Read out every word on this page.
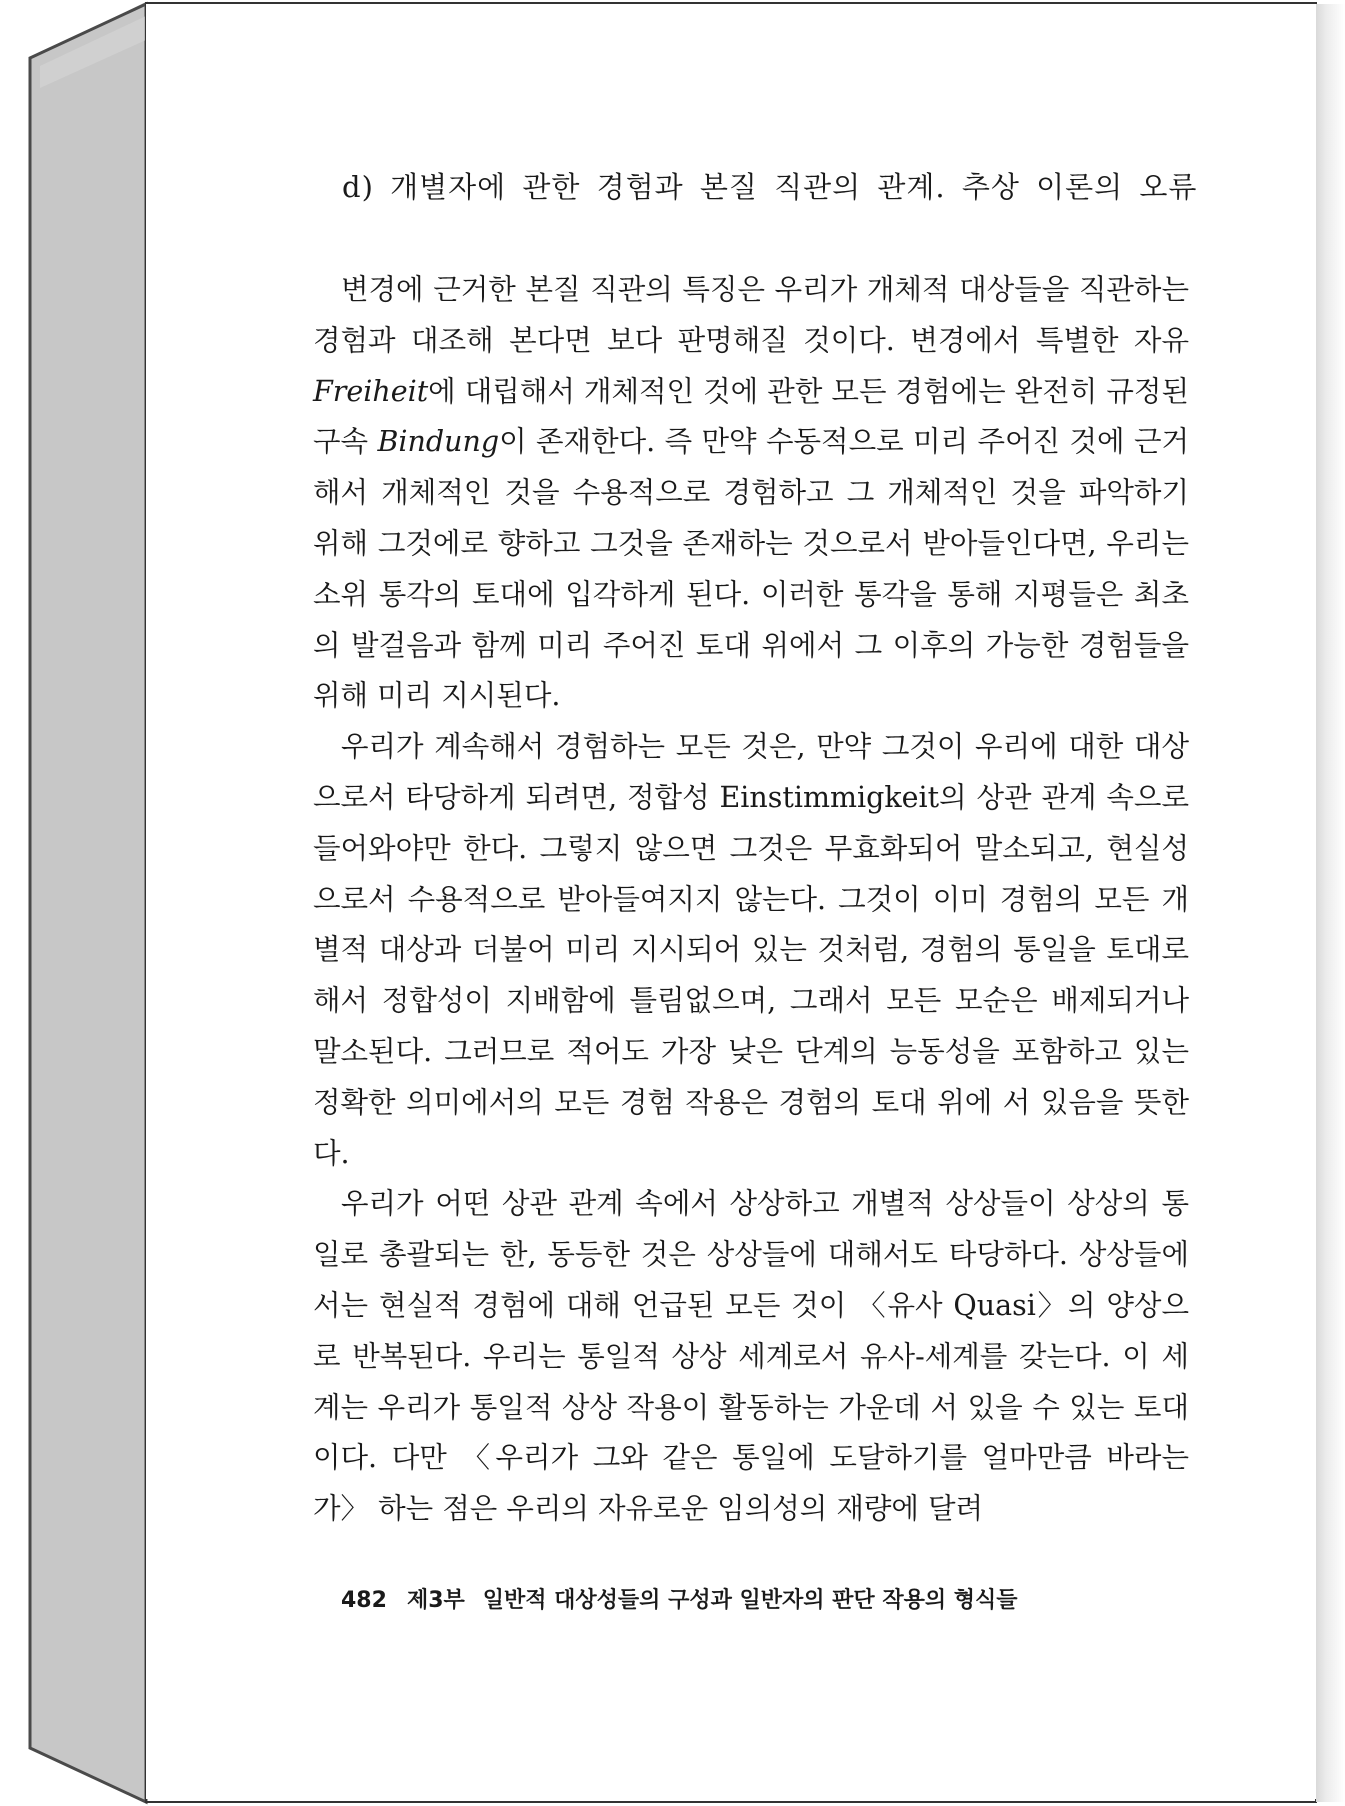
d) 개별자에 관한 경험과 본질 직관의 관계. 추상 이론의 오류

변경에 근거한 본질 직관의 특징은 우리가 개체적 대상들을 직관하는 경험과 대조해 본다면 보다 판명해질 것이다. 변경에서 특별한 자유 Freiheit에 대립해서 개체적인 것에 관한 모든 경험에는 완전히 규정된 구속 Bindung이 존재한다. 즉 만약 수동적으로 미리 주어진 것에 근거해서 개체적인 것을 수용적으로 경험하고 그 개체적인 것을 파악하기 위해 그것에로 향하고 그것을 존재하는 것으로서 받아들인다면, 우리는 소위 통각의 토대에 입각하게 된다. 이러한 통각을 통해 지평들은 최초의 발걸음과 함께 미리 주어진 토대 위에서 그 이후의 가능한 경험들을 위해 미리 지시된다.

우리가 계속해서 경험하는 모든 것은, 만약 그것이 우리에 대한 대상으로서 타당하게 되려면, 정합성 Einstimmigkeit의 상관 관계 속으로 들어와야만 한다. 그렇지 않으면 그것은 무효화되어 말소되고, 현실성으로서 수용적으로 받아들여지지 않는다. 그것이 이미 경험의 모든 개별적 대상과 더불어 미리 지시되어 있는 것처럼, 경험의 통일을 토대로 해서 정합성이 지배함에 틀림없으며, 그래서 모든 모순은 배제되거나 말소된다. 그러므로 적어도 가장 낮은 단계의 능동성을 포함하고 있는 정확한 의미에서의 모든 경험 작용은 경험의 토대 위에 서 있음을 뜻한다.

우리가 어떤 상관 관계 속에서 상상하고 개별적 상상들이 상상의 통일로 총괄되는 한, 동등한 것은 상상들에 대해서도 타당하다. 상상들에서는 현실적 경험에 대해 언급된 모든 것이 〈유사 Quasi〉의 양상으로 반복된다. 우리는 통일적 상상 세계로서 유사-세계를 갖는다. 이 세계는 우리가 통일적 상상 작용이 활동하는 가운데 서 있을 수 있는 토대이다. 다만 〈우리가 그와 같은 통일에 도달하기를 얼마만큼 바라는가〉 하는 점은 우리의 자유로운 임의성의 재량에 달려

482 제3부 일반적 대상성들의 구성과 일반자의 판단 작용의 형식들
